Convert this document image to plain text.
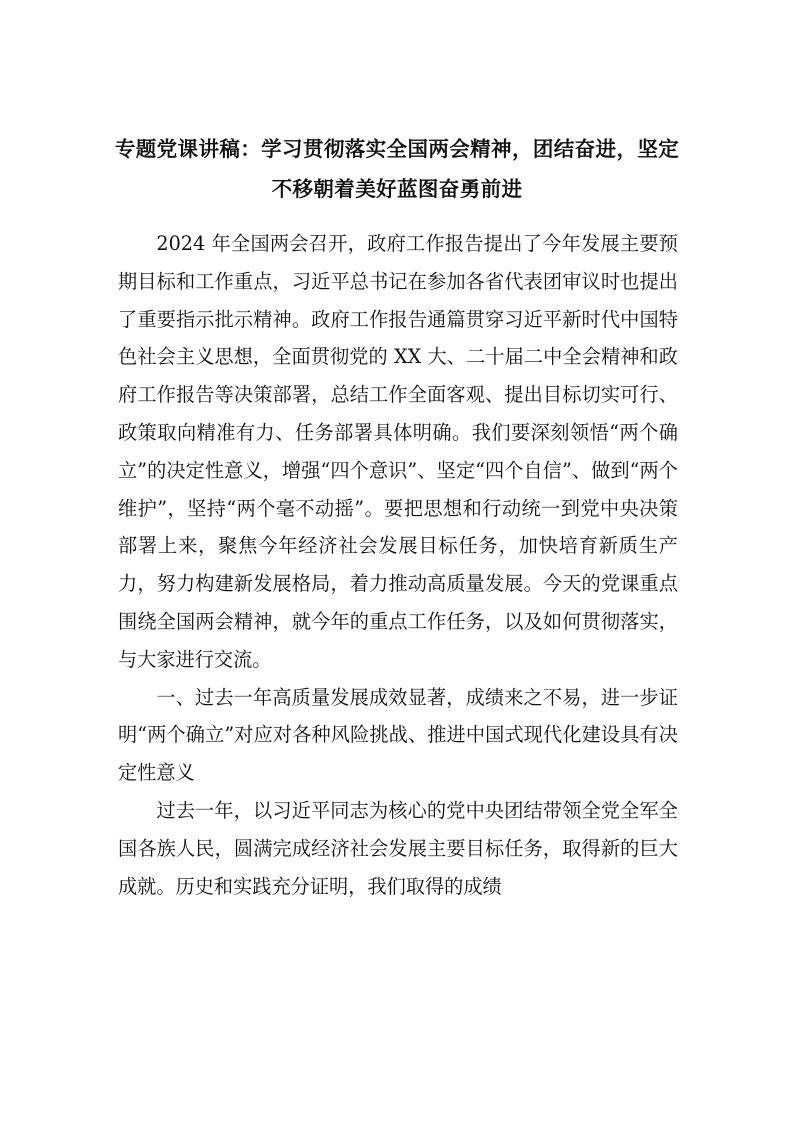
专题党课讲稿：学习贯彻落实全国两会精神，团结奋进，坚定不移朝着美好蓝图奋勇前进

2024 年全国两会召开，政府工作报告提出了今年发展主要预期目标和工作重点，习近平总书记在参加各省代表团审议时也提出了重要指示批示精神。政府工作报告通篇贯穿习近平新时代中国特色社会主义思想，全面贯彻党的 XX 大、二十届二中全会精神和政府工作报告等决策部署，总结工作全面客观、提出目标切实可行、政策取向精准有力、任务部署具体明确。我们要深刻领悟“两个确立”的决定性意义，增强“四个意识”、坚定“四个自信”、做到“两个维护”，坚持“两个毫不动摇”。要把思想和行动统一到党中央决策部署上来，聚焦今年经济社会发展目标任务，加快培育新质生产力，努力构建新发展格局，着力推动高质量发展。今天的党课重点围绕全国两会精神，就今年的重点工作任务，以及如何贯彻落实，与大家进行交流。

一、过去一年高质量发展成效显著，成绩来之不易，进一步证明“两个确立”对应对各种风险挑战、推进中国式现代化建设具有决定性意义

过去一年，以习近平同志为核心的党中央团结带领全党全军全国各族人民，圆满完成经济社会发展主要目标任务，取得新的巨大成就。历史和实践充分证明，我们取得的成绩
